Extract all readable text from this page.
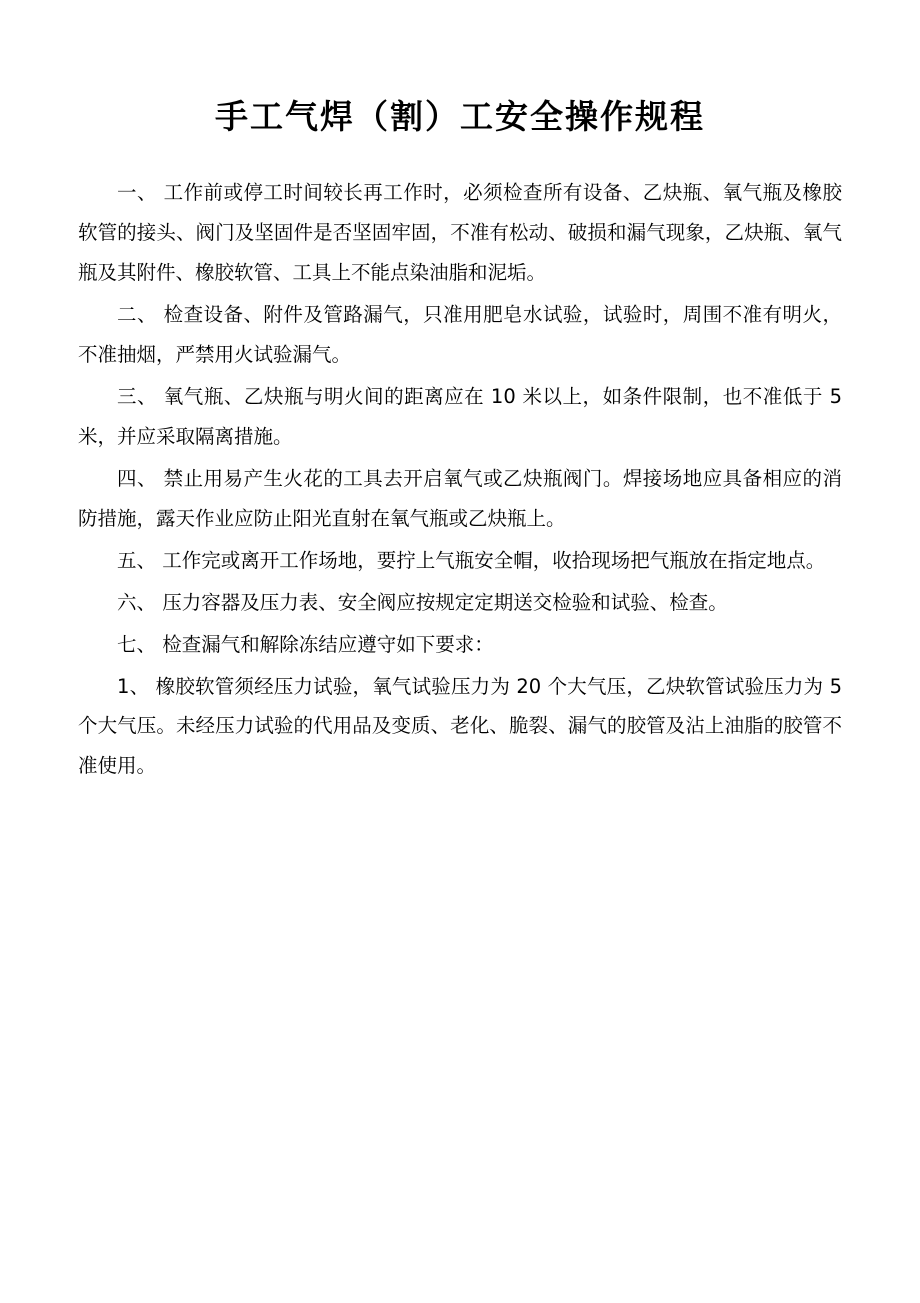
手工气焊（割）工安全操作规程

一、 工作前或停工时间较长再工作时，必须检查所有设备、乙炔瓶、氧气瓶及橡胶软管的接头、阀门及坚固件是否坚固牢固，不准有松动、破损和漏气现象，乙炔瓶、氧气瓶及其附件、橡胶软管、工具上不能点染油脂和泥垢。

二、 检查设备、附件及管路漏气，只准用肥皂水试验，试验时，周围不准有明火，不准抽烟，严禁用火试验漏气。

三、 氧气瓶、乙炔瓶与明火间的距离应在 10 米以上，如条件限制，也不准低于 5 米，并应采取隔离措施。

四、 禁止用易产生火花的工具去开启氧气或乙炔瓶阀门。焊接场地应具备相应的消防措施，露天作业应防止阳光直射在氧气瓶或乙炔瓶上。

五、 工作完或离开工作场地，要拧上气瓶安全帽，收拾现场把气瓶放在指定地点。

六、 压力容器及压力表、安全阀应按规定定期送交检验和试验、检查。

七、 检查漏气和解除冻结应遵守如下要求：

1、 橡胶软管须经压力试验，氧气试验压力为 20 个大气压，乙炔软管试验压力为 5 个大气压。未经压力试验的代用品及变质、老化、脆裂、漏气的胶管及沾上油脂的胶管不准使用。
